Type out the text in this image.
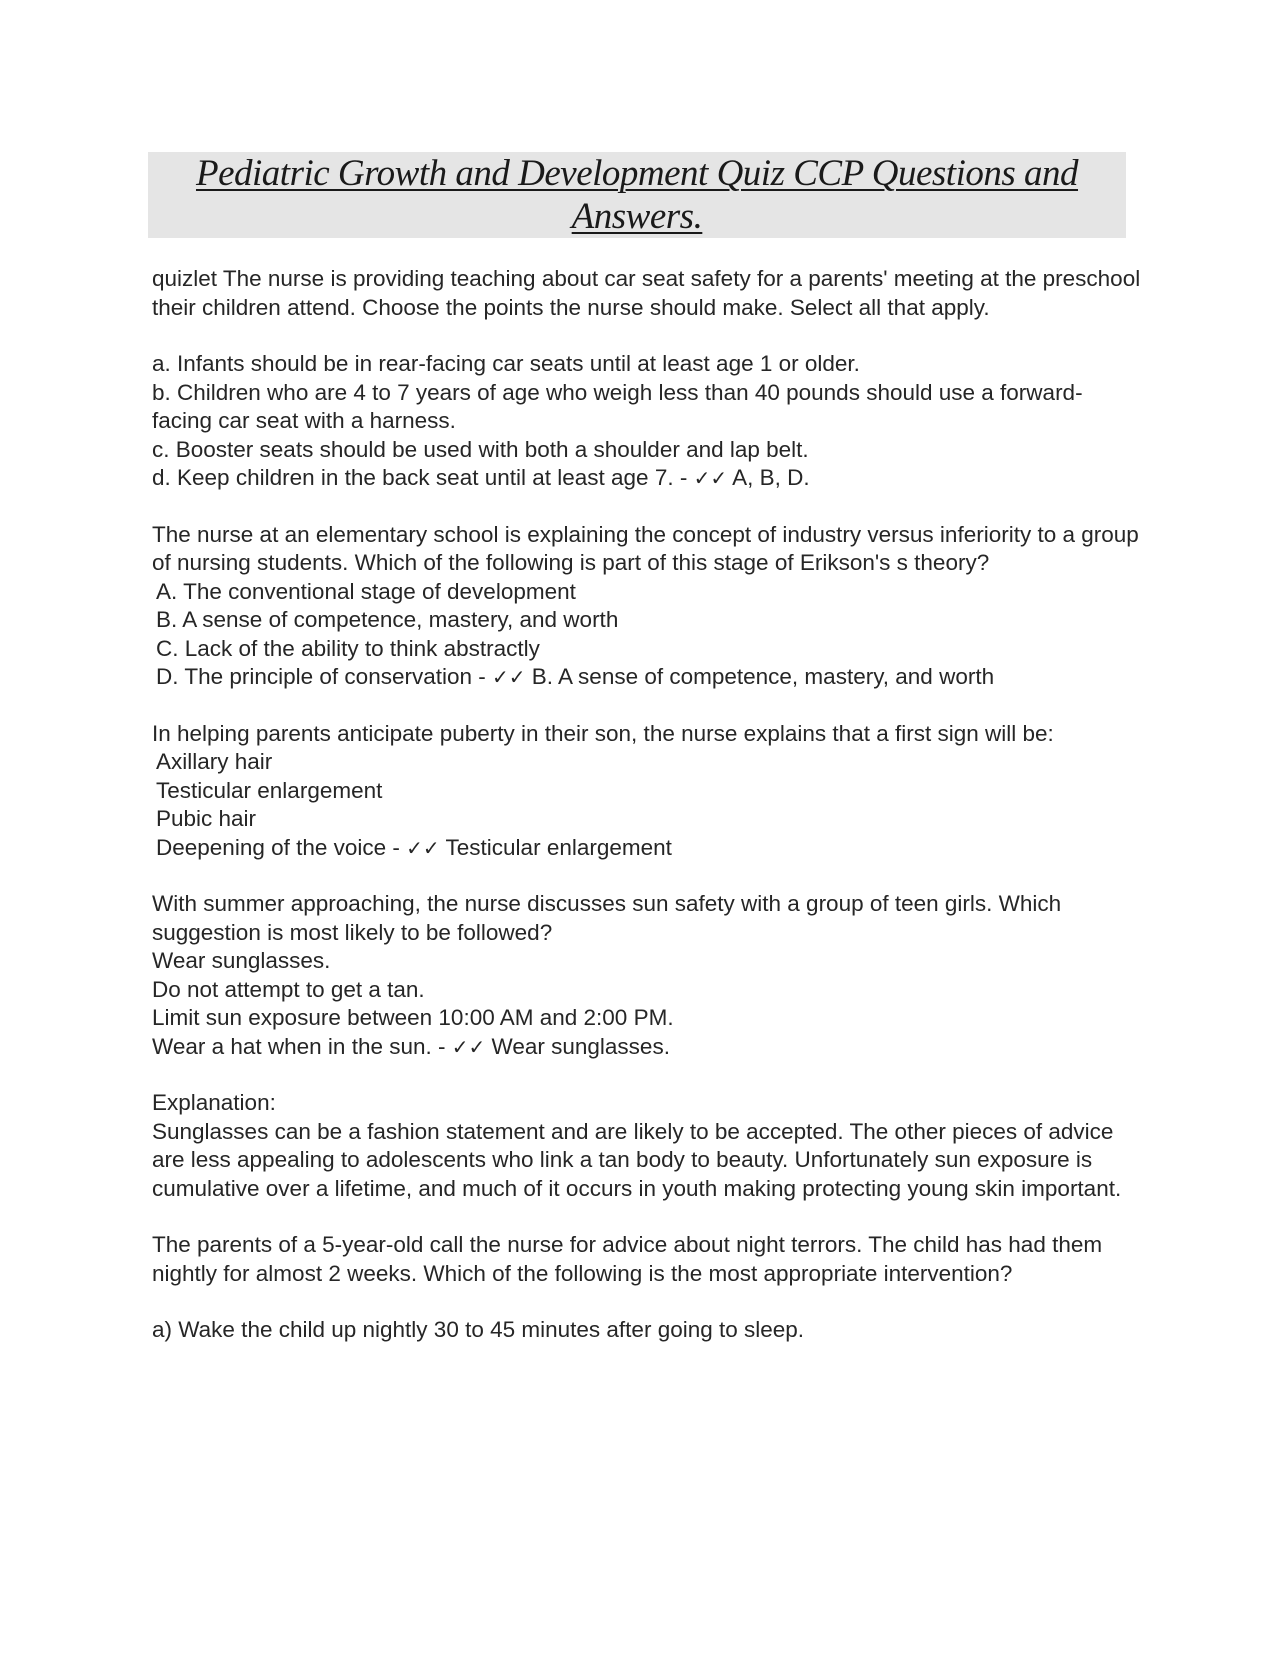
Pediatric Growth and Development Quiz CCP Questions and
Answers.

quizlet The nurse is providing teaching about car seat safety for a parents' meeting at the preschool their children attend. Choose the points the nurse should make. Select all that apply.

a. Infants should be in rear-facing car seats until at least age 1 or older.

b. Children who are 4 to 7 years of age who weigh less than 40 pounds should use a forward-facing car seat with a harness.

c. Booster seats should be used with both a shoulder and lap belt.

d. Keep children in the back seat until at least age 7. - ✓✓ A, B, D.

The nurse at an elementary school is explaining the concept of industry versus inferiority to a group of nursing students. Which of the following is part of this stage of Erikson's s theory?

A. The conventional stage of development

B. A sense of competence, mastery, and worth

C. Lack of the ability to think abstractly

D. The principle of conservation - ✓✓ B. A sense of competence, mastery, and worth

In helping parents anticipate puberty in their son, the nurse explains that a first sign will be:

Axillary hair

Testicular enlargement

Pubic hair

Deepening of the voice - ✓✓ Testicular enlargement

With summer approaching, the nurse discusses sun safety with a group of teen girls. Which suggestion is most likely to be followed?

Wear sunglasses.

Do not attempt to get a tan.

Limit sun exposure between 10:00 AM and 2:00 PM.

Wear a hat when in the sun. - ✓✓ Wear sunglasses.

Explanation:

Sunglasses can be a fashion statement and are likely to be accepted. The other pieces of advice are less appealing to adolescents who link a tan body to beauty. Unfortunately sun exposure is cumulative over a lifetime, and much of it occurs in youth making protecting young skin important.

The parents of a 5-year-old call the nurse for advice about night terrors. The child has had them nightly for almost 2 weeks. Which of the following is the most appropriate intervention?

a) Wake the child up nightly 30 to 45 minutes after going to sleep.
